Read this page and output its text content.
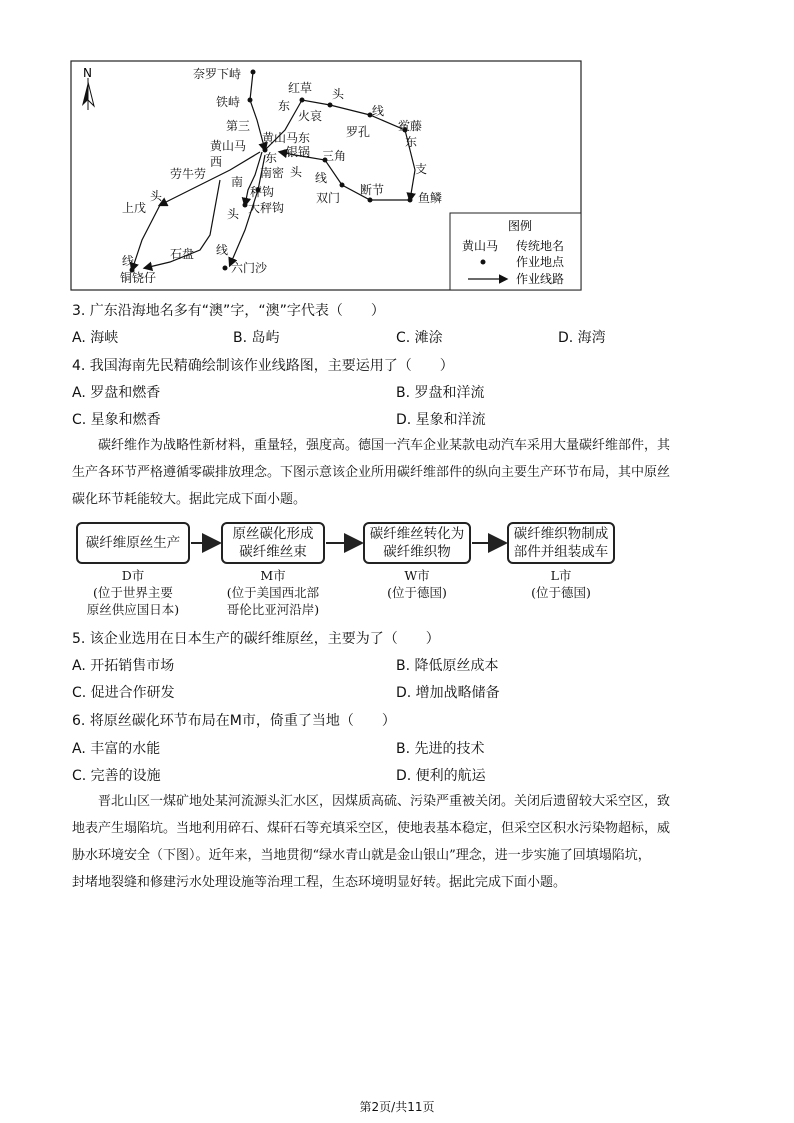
N	奈罗下峙
铁峙
第三
红草 头
东
火哀	线
黄山马东	罗孔 鲎藤
东
黄山马
西
银锅
东	三角
支
劳牛劳
南
南密 头 线
双门
断节
鱼鳞
头	秤钩
大秤钩
上戊	头
石盘 线
线	六门沙
铜铙仔
图例
黄山马 传统地名
作业地点
作业线路
3. 广东沿海地名多有“澳”字，“澳”字代表（　　）
A. 海峡	B. 岛屿	C. 滩涂	D. 海湾
4. 我国海南先民精确绘制该作业线路图，主要运用了（　　）
A. 罗盘和燃香	B. 罗盘和洋流
C. 星象和燃香	D. 星象和洋流
碳纤维作为战略性新材料，重量轻，强度高。德国一汽车企业某款电动汽车采用大量碳纤维部件，其
生产各环节严格遵循零碳排放理念。下图示意该企业所用碳纤维部件的纵向主要生产环节布局，其中原丝
碳化环节耗能较大。据此完成下面小题。
碳纤维原丝生产
原丝碳化形成碳纤维丝束
碳纤维丝转化为碳纤维织物
碳纤维织物制成部件并组装成车
D市
(位于世界主要
原丝供应国日本)
M市
(位于美国西北部
哥伦比亚河沿岸)
W市
(位于德国)
L市
(位于德国)
5. 该企业选用在日本生产的碳纤维原丝，主要为了（　　）
A. 开拓销售市场	B. 降低原丝成本
C. 促进合作研发	D. 增加战略储备
6. 将原丝碳化环节布局在M市，倚重了当地（　　）
A. 丰富的水能	B. 先进的技术
C. 完善的设施	D. 便利的航运
晋北山区一煤矿地处某河流源头汇水区，因煤质高硫、污染严重被关闭。关闭后遗留较大采空区，致
地表产生塌陷坑。当地利用碎石、煤矸石等充填采空区，使地表基本稳定，但采空区积水污染物超标，威
胁水环境安全（下图）。近年来，当地贯彻“绿水青山就是金山银山”理念，进一步实施了回填塌陷坑，
封堵地裂缝和修建污水处理设施等治理工程，生态环境明显好转。据此完成下面小题。
第2页/共11页
